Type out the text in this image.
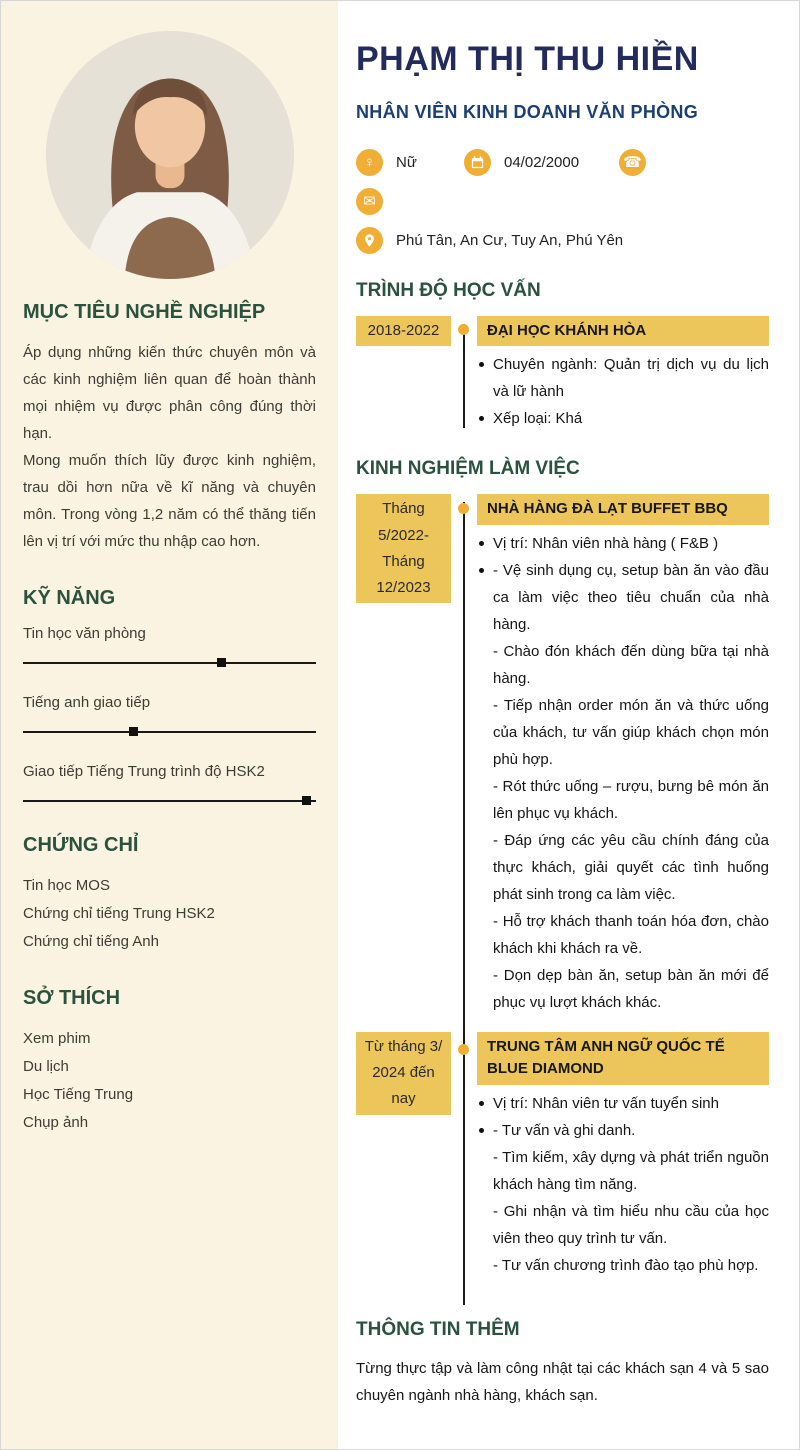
MỤC TIÊU NGHỀ NGHIỆP

Áp dụng những kiến thức chuyên môn và các kinh nghiệm liên quan để hoàn thành mọi nhiệm vụ được phân công đúng thời hạn.

Mong muốn thích lũy được kinh nghiệm, trau dồi hơn nữa về kĩ năng và chuyên môn. Trong vòng 1,2 năm có thể thăng tiến lên vị trí với mức thu nhập cao hơn.

KỸ NĂNG
Tin học văn phòng
Tiếng anh giao tiếp
Giao tiếp Tiếng Trung trình độ HSK2
CHỨNG CHỈ
Tin học MOS
Chứng chỉ tiếng Trung HSK2
Chứng chỉ tiếng Anh
SỞ THÍCH
Xem phim
Du lịch
Học Tiếng Trung
Chụp ảnh
PHẠM THỊ THU HIỀN
NHÂN VIÊN KINH DOANH VĂN PHÒNG
♀	Nữ	04/02/2000	☎
✉
Phú Tân, An Cư, Tuy An, Phú Yên
TRÌNH ĐỘ HỌC VẤN
2018-2022	ĐẠI HỌC KHÁNH HÒA
Chuyên ngành: Quản trị dịch vụ du lịch và lữ hành
Xếp loại: Khá
KINH NGHIỆM LÀM VIỆC
Tháng 5/2022- Tháng 12/2023
NHÀ HÀNG ĐÀ LẠT BUFFET BBQ
Vị trí: Nhân viên nhà hàng ( F&B )
- Vệ sinh dụng cụ, setup bàn ăn vào đầu ca làm việc theo tiêu chuẩn của nhà hàng.
- Chào đón khách đến dùng bữa tại nhà hàng.
- Tiếp nhận order món ăn và thức uống của khách, tư vấn giúp khách chọn món phù hợp.
- Rót thức uống – rượu, bưng bê món ăn lên phục vụ khách.
- Đáp ứng các yêu cầu chính đáng của thực khách, giải quyết các tình huống phát sinh trong ca làm việc.
- Hỗ trợ khách thanh toán hóa đơn, chào khách khi khách ra về.
- Dọn dẹp bàn ăn, setup bàn ăn mới để phục vụ lượt khách khác.
Từ tháng 3/ 2024 đến nay
TRUNG TÂM ANH NGỮ QUỐC TẾ BLUE DIAMOND
Vị trí: Nhân viên tư vấn tuyển sinh
- Tư vấn và ghi danh.
- Tìm kiếm, xây dựng và phát triển nguồn khách hàng tìm năng.
- Ghi nhận và tìm hiểu nhu cầu của học viên theo quy trình tư vấn.
- Tư vấn chương trình đào tạo phù hợp.
THÔNG TIN THÊM

Từng thực tập và làm công nhật tại các khách sạn 4 và 5 sao chuyên ngành nhà hàng, khách sạn.
